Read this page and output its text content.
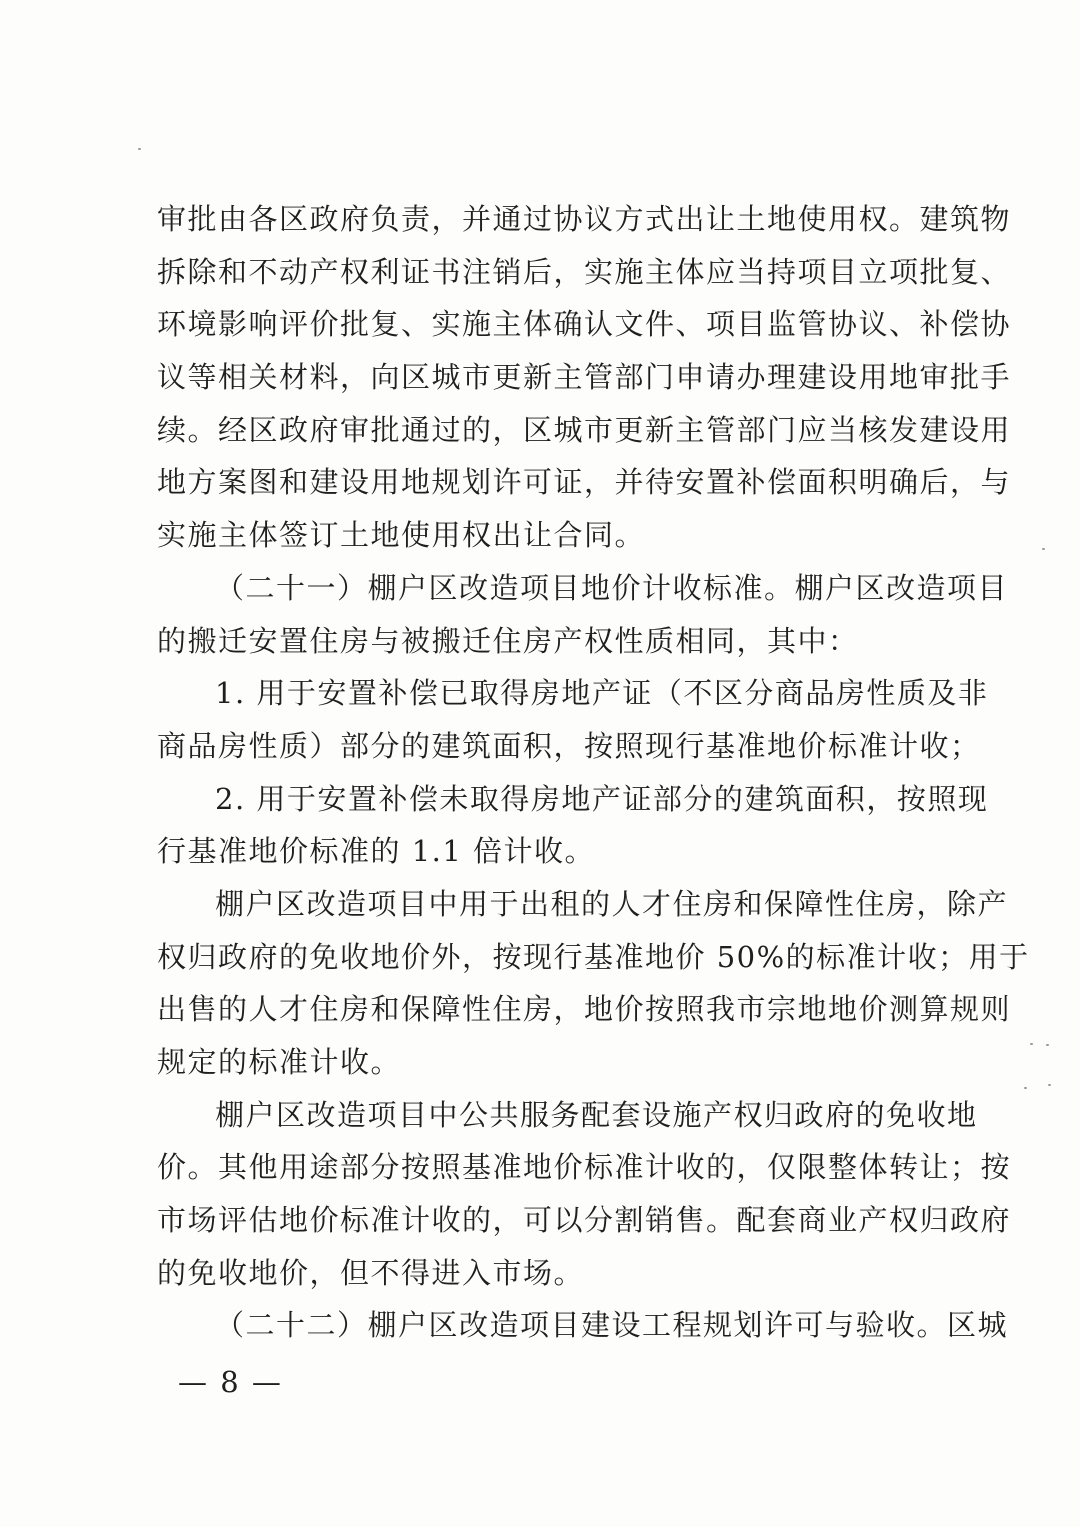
审批由各区政府负责，并通过协议方式出让土地使用权。建筑物
拆除和不动产权利证书注销后，实施主体应当持项目立项批复、
环境影响评价批复、实施主体确认文件、项目监管协议、补偿协
议等相关材料，向区城市更新主管部门申请办理建设用地审批手
续。经区政府审批通过的，区城市更新主管部门应当核发建设用
地方案图和建设用地规划许可证，并待安置补偿面积明确后，与
实施主体签订土地使用权出让合同。
（二十一）棚户区改造项目地价计收标准。棚户区改造项目
的搬迁安置住房与被搬迁住房产权性质相同，其中：
1. 用于安置补偿已取得房地产证（不区分商品房性质及非
商品房性质）部分的建筑面积，按照现行基准地价标准计收；
2. 用于安置补偿未取得房地产证部分的建筑面积，按照现
行基准地价标准的 1.1 倍计收。
棚户区改造项目中用于出租的人才住房和保障性住房，除产
权归政府的免收地价外，按现行基准地价 50%的标准计收；用于
出售的人才住房和保障性住房，地价按照我市宗地地价测算规则
规定的标准计收。
棚户区改造项目中公共服务配套设施产权归政府的免收地
价。其他用途部分按照基准地价标准计收的，仅限整体转让；按
市场评估地价标准计收的，可以分割销售。配套商业产权归政府
的免收地价，但不得进入市场。
（二十二）棚户区改造项目建设工程规划许可与验收。区城
— 8 —
